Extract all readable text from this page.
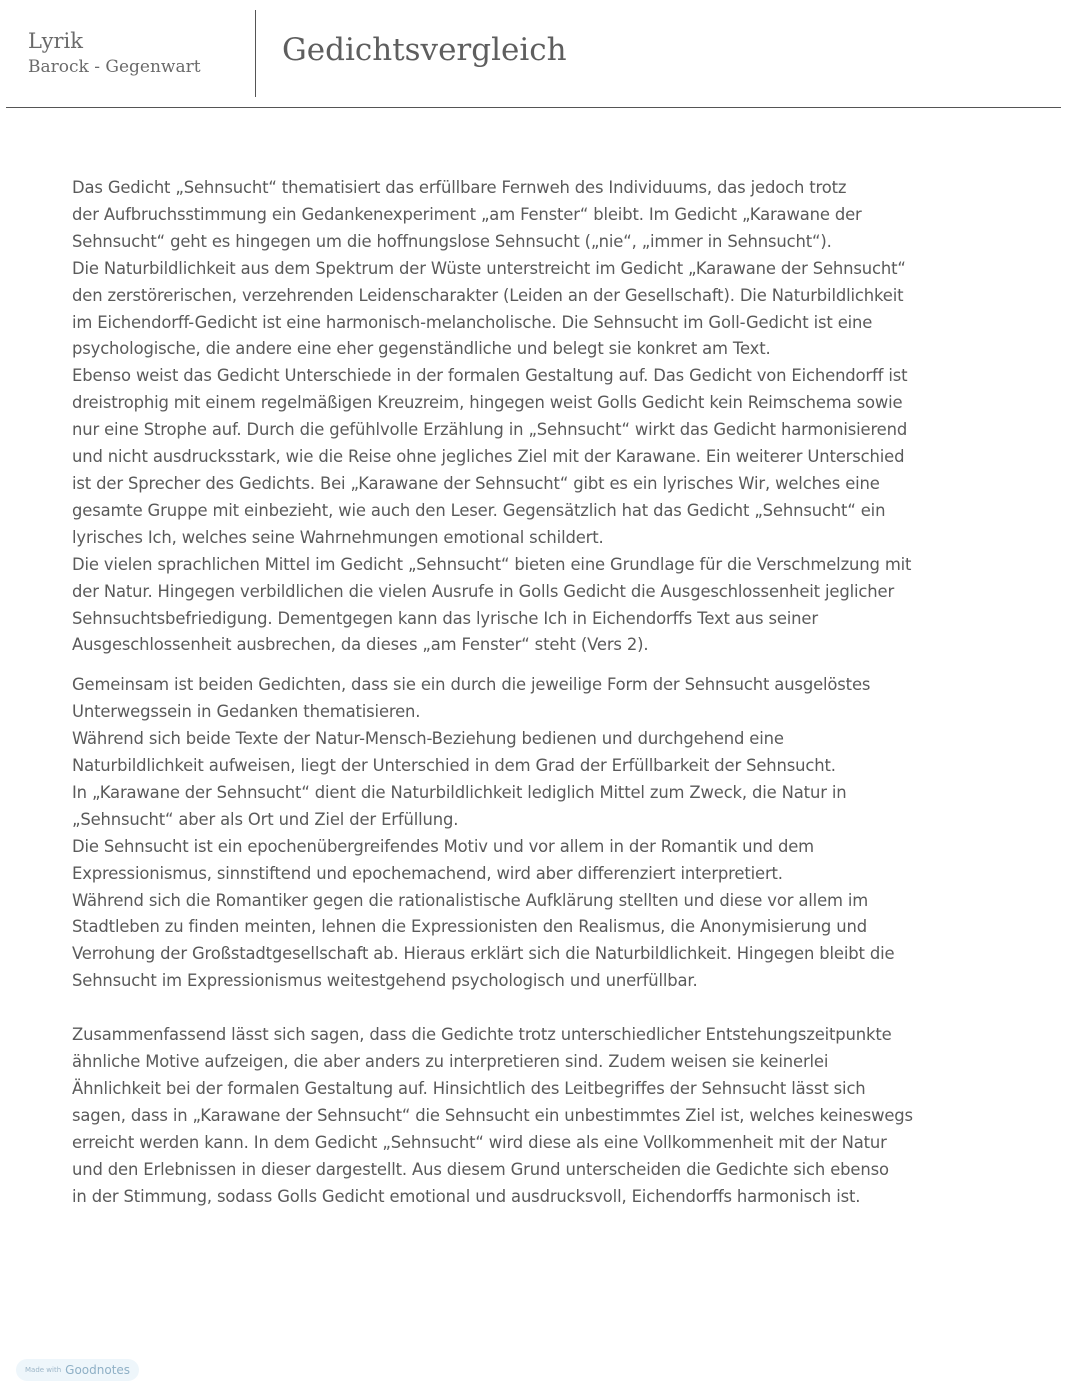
Lyrik
Barock - Gegenwart	Gedichtsvergleich

Das Gedicht „Sehnsucht“ thematisiert das erfüllbare Fernweh des Individuums, das jedoch trotz
der Aufbruchsstimmung ein Gedankenexperiment „am Fenster“ bleibt. Im Gedicht „Karawane der
Sehnsucht“ geht es hingegen um die hoffnungslose Sehnsucht („nie“, „immer in Sehnsucht“).
Die Naturbildlichkeit aus dem Spektrum der Wüste unterstreicht im Gedicht „Karawane der Sehnsucht“
den zerstörerischen, verzehrenden Leidenscharakter (Leiden an der Gesellschaft). Die Naturbildlichkeit
im Eichendorff-Gedicht ist eine harmonisch-melancholische. Die Sehnsucht im Goll-Gedicht ist eine
psychologische, die andere eine eher gegenständliche und belegt sie konkret am Text.
Ebenso weist das Gedicht Unterschiede in der formalen Gestaltung auf. Das Gedicht von Eichendorff ist
dreistrophig mit einem regelmäßigen Kreuzreim, hingegen weist Golls Gedicht kein Reimschema sowie
nur eine Strophe auf. Durch die gefühlvolle Erzählung in „Sehnsucht“ wirkt das Gedicht harmonisierend
und nicht ausdrucksstark, wie die Reise ohne jegliches Ziel mit der Karawane. Ein weiterer Unterschied
ist der Sprecher des Gedichts. Bei „Karawane der Sehnsucht“ gibt es ein lyrisches Wir, welches eine
gesamte Gruppe mit einbezieht, wie auch den Leser. Gegensätzlich hat das Gedicht „Sehnsucht“ ein
lyrisches Ich, welches seine Wahrnehmungen emotional schildert.
Die vielen sprachlichen Mittel im Gedicht „Sehnsucht“ bieten eine Grundlage für die Verschmelzung mit
der Natur. Hingegen verbildlichen die vielen Ausrufe in Golls Gedicht die Ausgeschlossenheit jeglicher
Sehnsuchtsbefriedigung. Dementgegen kann das lyrische Ich in Eichendorffs Text aus seiner
Ausgeschlossenheit ausbrechen, da dieses „am Fenster“ steht (Vers 2).

Gemeinsam ist beiden Gedichten, dass sie ein durch die jeweilige Form der Sehnsucht ausgelöstes
Unterwegssein in Gedanken thematisieren.
Während sich beide Texte der Natur-Mensch-Beziehung bedienen und durchgehend eine
Naturbildlichkeit aufweisen, liegt der Unterschied in dem Grad der Erfüllbarkeit der Sehnsucht.
In „Karawane der Sehnsucht“ dient die Naturbildlichkeit lediglich Mittel zum Zweck, die Natur in
„Sehnsucht“ aber als Ort und Ziel der Erfüllung.
Die Sehnsucht ist ein epochenübergreifendes Motiv und vor allem in der Romantik und dem
Expressionismus, sinnstiftend und epochemachend, wird aber differenziert interpretiert.
Während sich die Romantiker gegen die rationalistische Aufklärung stellten und diese vor allem im
Stadtleben zu finden meinten, lehnen die Expressionisten den Realismus, die Anonymisierung und
Verrohung der Großstadtgesellschaft ab. Hieraus erklärt sich die Naturbildlichkeit. Hingegen bleibt die
Sehnsucht im Expressionismus weitestgehend psychologisch und unerfüllbar.

Zusammenfassend lässt sich sagen, dass die Gedichte trotz unterschiedlicher Entstehungszeitpunkte
ähnliche Motive aufzeigen, die aber anders zu interpretieren sind. Zudem weisen sie keinerlei
Ähnlichkeit bei der formalen Gestaltung auf. Hinsichtlich des Leitbegriffes der Sehnsucht lässt sich
sagen, dass in „Karawane der Sehnsucht“ die Sehnsucht ein unbestimmtes Ziel ist, welches keineswegs
erreicht werden kann. In dem Gedicht „Sehnsucht“ wird diese als eine Vollkommenheit mit der Natur
und den Erlebnissen in dieser dargestellt. Aus diesem Grund unterscheiden die Gedichte sich ebenso
in der Stimmung, sodass Golls Gedicht emotional und ausdrucksvoll, Eichendorffs harmonisch ist.

Made with Goodnotes
